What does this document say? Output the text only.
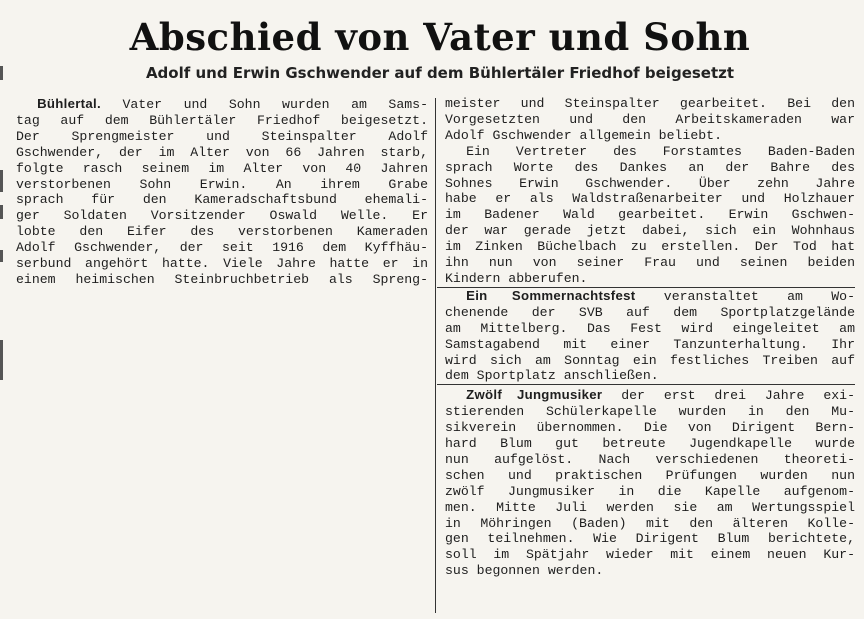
Abschied von Vater und Sohn
Adolf und Erwin Gschwender auf dem Bühlertäler Friedhof beigesetzt

Bühlertal. Vater und Sohn wurden am Sams-
tag auf dem Bühlertäler Friedhof beigesetzt.
Der Sprengmeister und Steinspalter Adolf
Gschwender, der im Alter von 66 Jahren starb,
folgte rasch seinem im Alter von 40 Jahren
verstorbenen Sohn Erwin. An ihrem Grabe
sprach für den Kameradschaftsbund ehemali-
ger Soldaten Vorsitzender Oswald Welle. Er
lobte den Eifer des verstorbenen Kameraden
Adolf Gschwender, der seit 1916 dem Kyffhäu-
serbund angehört hatte. Viele Jahre hatte er in
einem heimischen Steinbruchbetrieb als Spreng-

meister und Steinspalter gearbeitet. Bei den
Vorgesetzten und den Arbeitskameraden war
Adolf Gschwender allgemein beliebt.

Ein Vertreter des Forstamtes Baden-Baden
sprach Worte des Dankes an der Bahre des
Sohnes Erwin Gschwender. Über zehn Jahre
habe er als Waldstraßenarbeiter und Holzhauer
im Badener Wald gearbeitet. Erwin Gschwen-
der war gerade jetzt dabei, sich ein Wohnhaus
im Zinken Büchelbach zu erstellen. Der Tod hat
ihn nun von seiner Frau und seinen beiden
Kindern abberufen.

Ein Sommernachtsfest veranstaltet am Wo-
chenende der SVB auf dem Sportplatzgelände
am Mittelberg. Das Fest wird eingeleitet am
Samstagabend mit einer Tanzunterhaltung. Ihr
wird sich am Sonntag ein festliches Treiben auf
dem Sportplatz anschließen.

Zwölf Jungmusiker der erst drei Jahre exi-
stierenden Schülerkapelle wurden in den Mu-
sikverein übernommen. Die von Dirigent Bern-
hard Blum gut betreute Jugendkapelle wurde
nun aufgelöst. Nach verschiedenen theoreti-
schen und praktischen Prüfungen wurden nun
zwölf Jungmusiker in die Kapelle aufgenom-
men. Mitte Juli werden sie am Wertungsspiel
in Möhringen (Baden) mit den älteren Kolle-
gen teilnehmen. Wie Dirigent Blum berichtete,
soll im Spätjahr wieder mit einem neuen Kur-
sus begonnen werden.
